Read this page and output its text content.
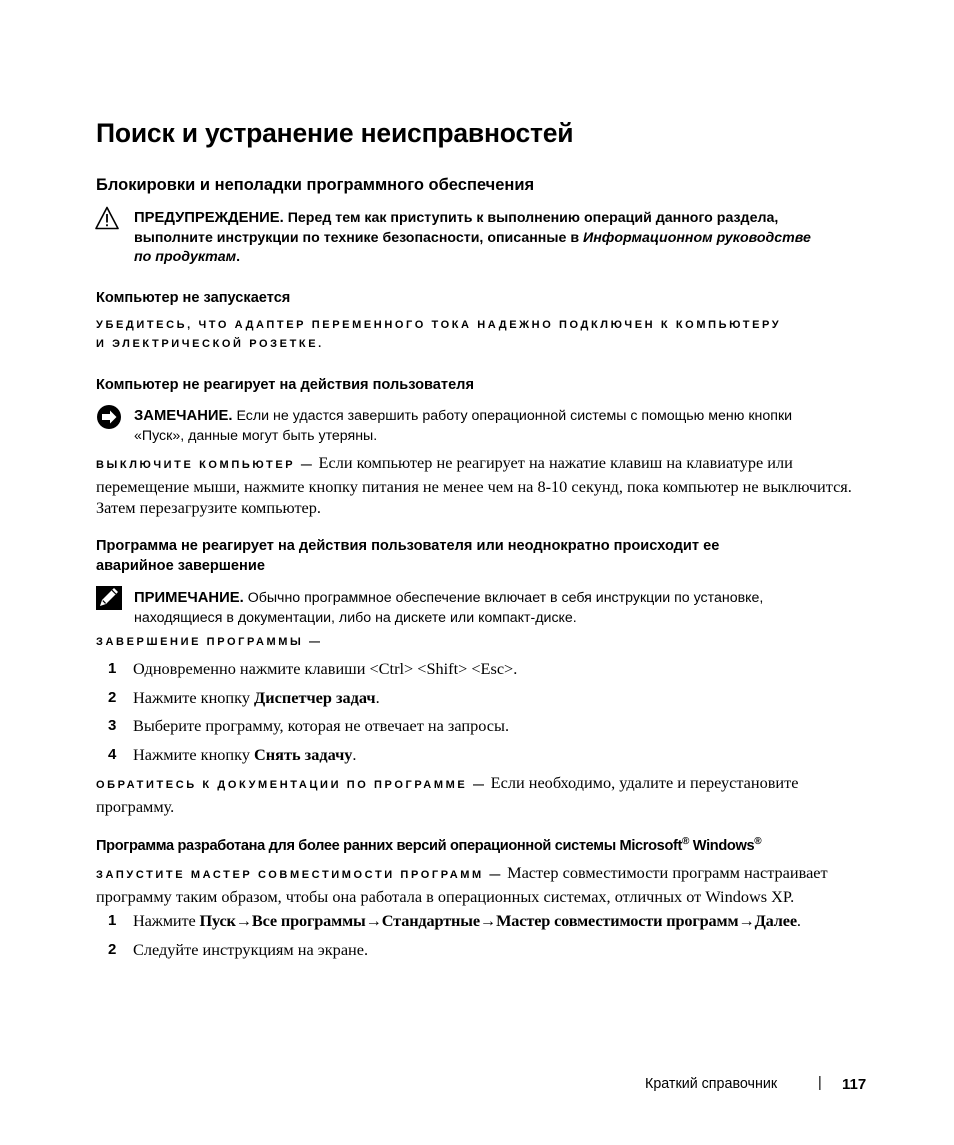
Поиск и устранение неисправностей
Блокировки и неполадки программного обеспечения
ПРЕДУПРЕЖДЕНИЕ. Перед тем как приступить к выполнению операций данного раздела,
выполните инструкции по технике безопасности, описанные в Информационном руководстве
по продуктам.
Компьютер не запускается
УБЕДИТЕСЬ, ЧТО АДАПТЕР ПЕРЕМЕННОГО ТОКА НАДЕЖНО ПОДКЛЮЧЕН К КОМПЬЮТЕРУ
И ЭЛЕКТРИЧЕСКОЙ РОЗЕТКЕ.
Компьютер не реагирует на действия пользователя
ЗАМЕЧАНИЕ. Если не удастся завершить работу операционной системы с помощью меню кнопки
«Пуск», данные могут быть утеряны.
ВЫКЛЮЧИТЕ КОМПЬЮТЕР — Если компьютер не реагирует на нажатие клавиш на клавиатуре или
перемещение мыши, нажмите кнопку питания не менее чем на 8-10 секунд, пока компьютер не выключится.
Затем перезагрузите компьютер.
Программа не реагирует на действия пользователя или неоднократно происходит ее
аварийное завершение
ПРИМЕЧАНИЕ. Обычно программное обеспечение включает в себя инструкции по установке,
находящиеся в документации, либо на дискете или компакт-диске.
ЗАВЕРШЕНИЕ ПРОГРАММЫ —
1 Одновременно нажмите клавиши <Ctrl> <Shift> <Esc>.
2 Нажмите кнопку Диспетчер задач.
3 Выберите программу, которая не отвечает на запросы.
4 Нажмите кнопку Снять задачу.
ОБРАТИТЕСЬ К ДОКУМЕНТАЦИИ ПО ПРОГРАММЕ — Если необходимо, удалите и переустановите
программу.
Программа разработана для более ранних версий операционной системы Microsoft® Windows®
ЗАПУСТИТЕ МАСТЕР СОВМЕСТИМОСТИ ПРОГРАММ — Мастер совместимости программ настраивает
программу таким образом, чтобы она работала в операционных системах, отличных от Windows XP.
1 Нажмите Пуск→Все программы→Стандартные→Мастер совместимости программ→Далее.
2 Следуйте инструкциям на экране.
Краткий справочник	| 117
